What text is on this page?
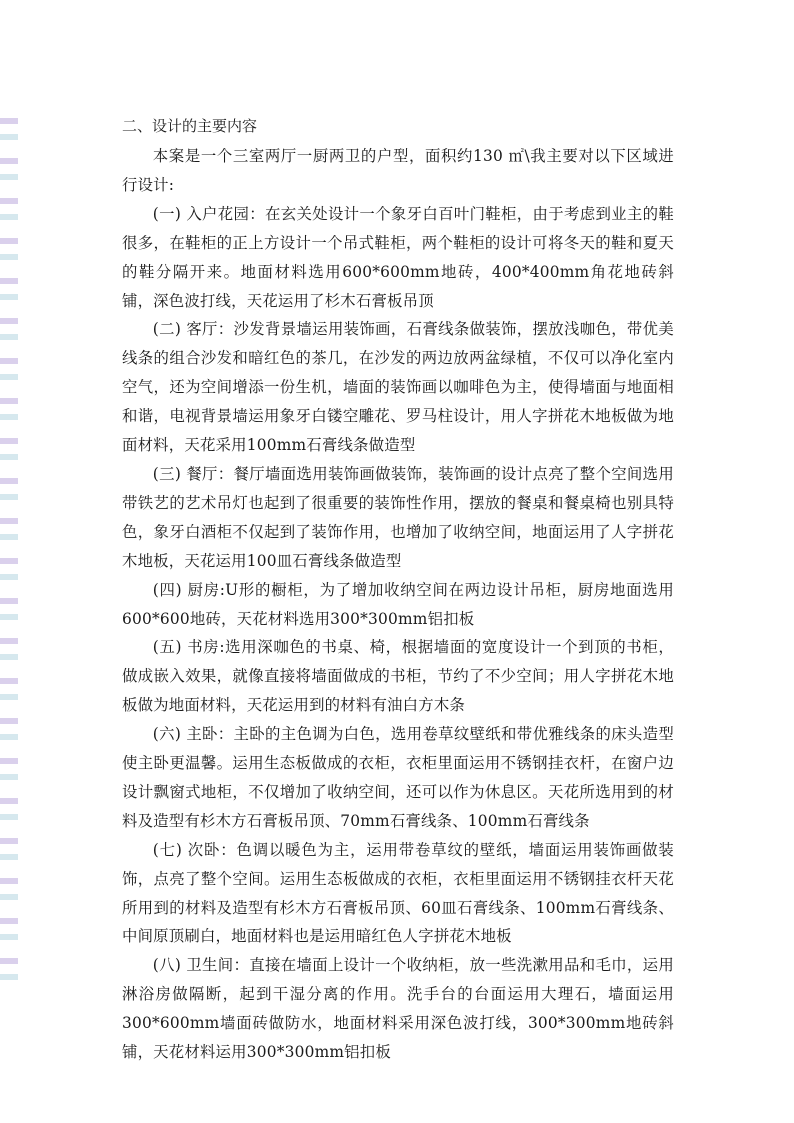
二、设计的主要内容

本案是一个三室两厅一厨两卫的户型，面积约130 ㎡\我主要对以下区域进行设计:

(一) 入户花园：在玄关处设计一个象牙白百叶门鞋柜，由于考虑到业主的鞋很多，在鞋柜的正上方设计一个吊式鞋柜，两个鞋柜的设计可将冬天的鞋和夏天的鞋分隔开来。地面材料选用600*600mm地砖，400*400mm角花地砖斜铺，深色波打线，天花运用了杉木石膏板吊顶

(二) 客厅：沙发背景墙运用装饰画，石膏线条做装饰，摆放浅咖色，带优美线条的组合沙发和暗红色的茶几，在沙发的两边放两盆绿植，不仅可以净化室内空气，还为空间增添一份生机，墙面的装饰画以咖啡色为主，使得墙面与地面相和谐，电视背景墙运用象牙白镂空雕花、罗马柱设计，用人字拼花木地板做为地面材料，天花采用100mm石膏线条做造型

(三) 餐厅：餐厅墙面选用装饰画做装饰，装饰画的设计点亮了整个空间选用带铁艺的艺术吊灯也起到了很重要的装饰性作用，摆放的餐桌和餐桌椅也别具特色，象牙白酒柜不仅起到了装饰作用，也增加了收纳空间，地面运用了人字拼花木地板，天花运用100皿石膏线条做造型

(四) 厨房:U形的橱柜，为了增加收纳空间在两边设计吊柜，厨房地面选用600*600地砖，天花材料选用300*300mm铝扣板

(五) 书房:选用深咖色的书桌、椅，根据墙面的宽度设计一个到顶的书柜，做成嵌入效果，就像直接将墙面做成的书柜，节约了不少空间；用人字拼花木地板做为地面材料，天花运用到的材料有油白方木条

(六) 主卧：主卧的主色调为白色，选用卷草纹壁纸和带优雅线条的床头造型使主卧更温馨。运用生态板做成的衣柜，衣柜里面运用不锈钢挂衣杆，在窗户边设计飘窗式地柜，不仅增加了收纳空间，还可以作为休息区。天花所选用到的材料及造型有杉木方石膏板吊顶、70mm石膏线条、100mm石膏线条

(七) 次卧：色调以暖色为主，运用带卷草纹的壁纸，墙面运用装饰画做装饰，点亮了整个空间。运用生态板做成的衣柜，衣柜里面运用不锈钢挂衣杆天花所用到的材料及造型有杉木方石膏板吊顶、60皿石膏线条、100mm石膏线条、中间原顶刷白，地面材料也是运用暗红色人字拼花木地板

(八) 卫生间：直接在墙面上设计一个收纳柜，放一些洗漱用品和毛巾，运用淋浴房做隔断，起到干湿分离的作用。洗手台的台面运用大理石，墙面运用300*600mm墙面砖做防水，地面材料采用深色波打线，300*300mm地砖斜铺，天花材料运用300*300mm铝扣板
